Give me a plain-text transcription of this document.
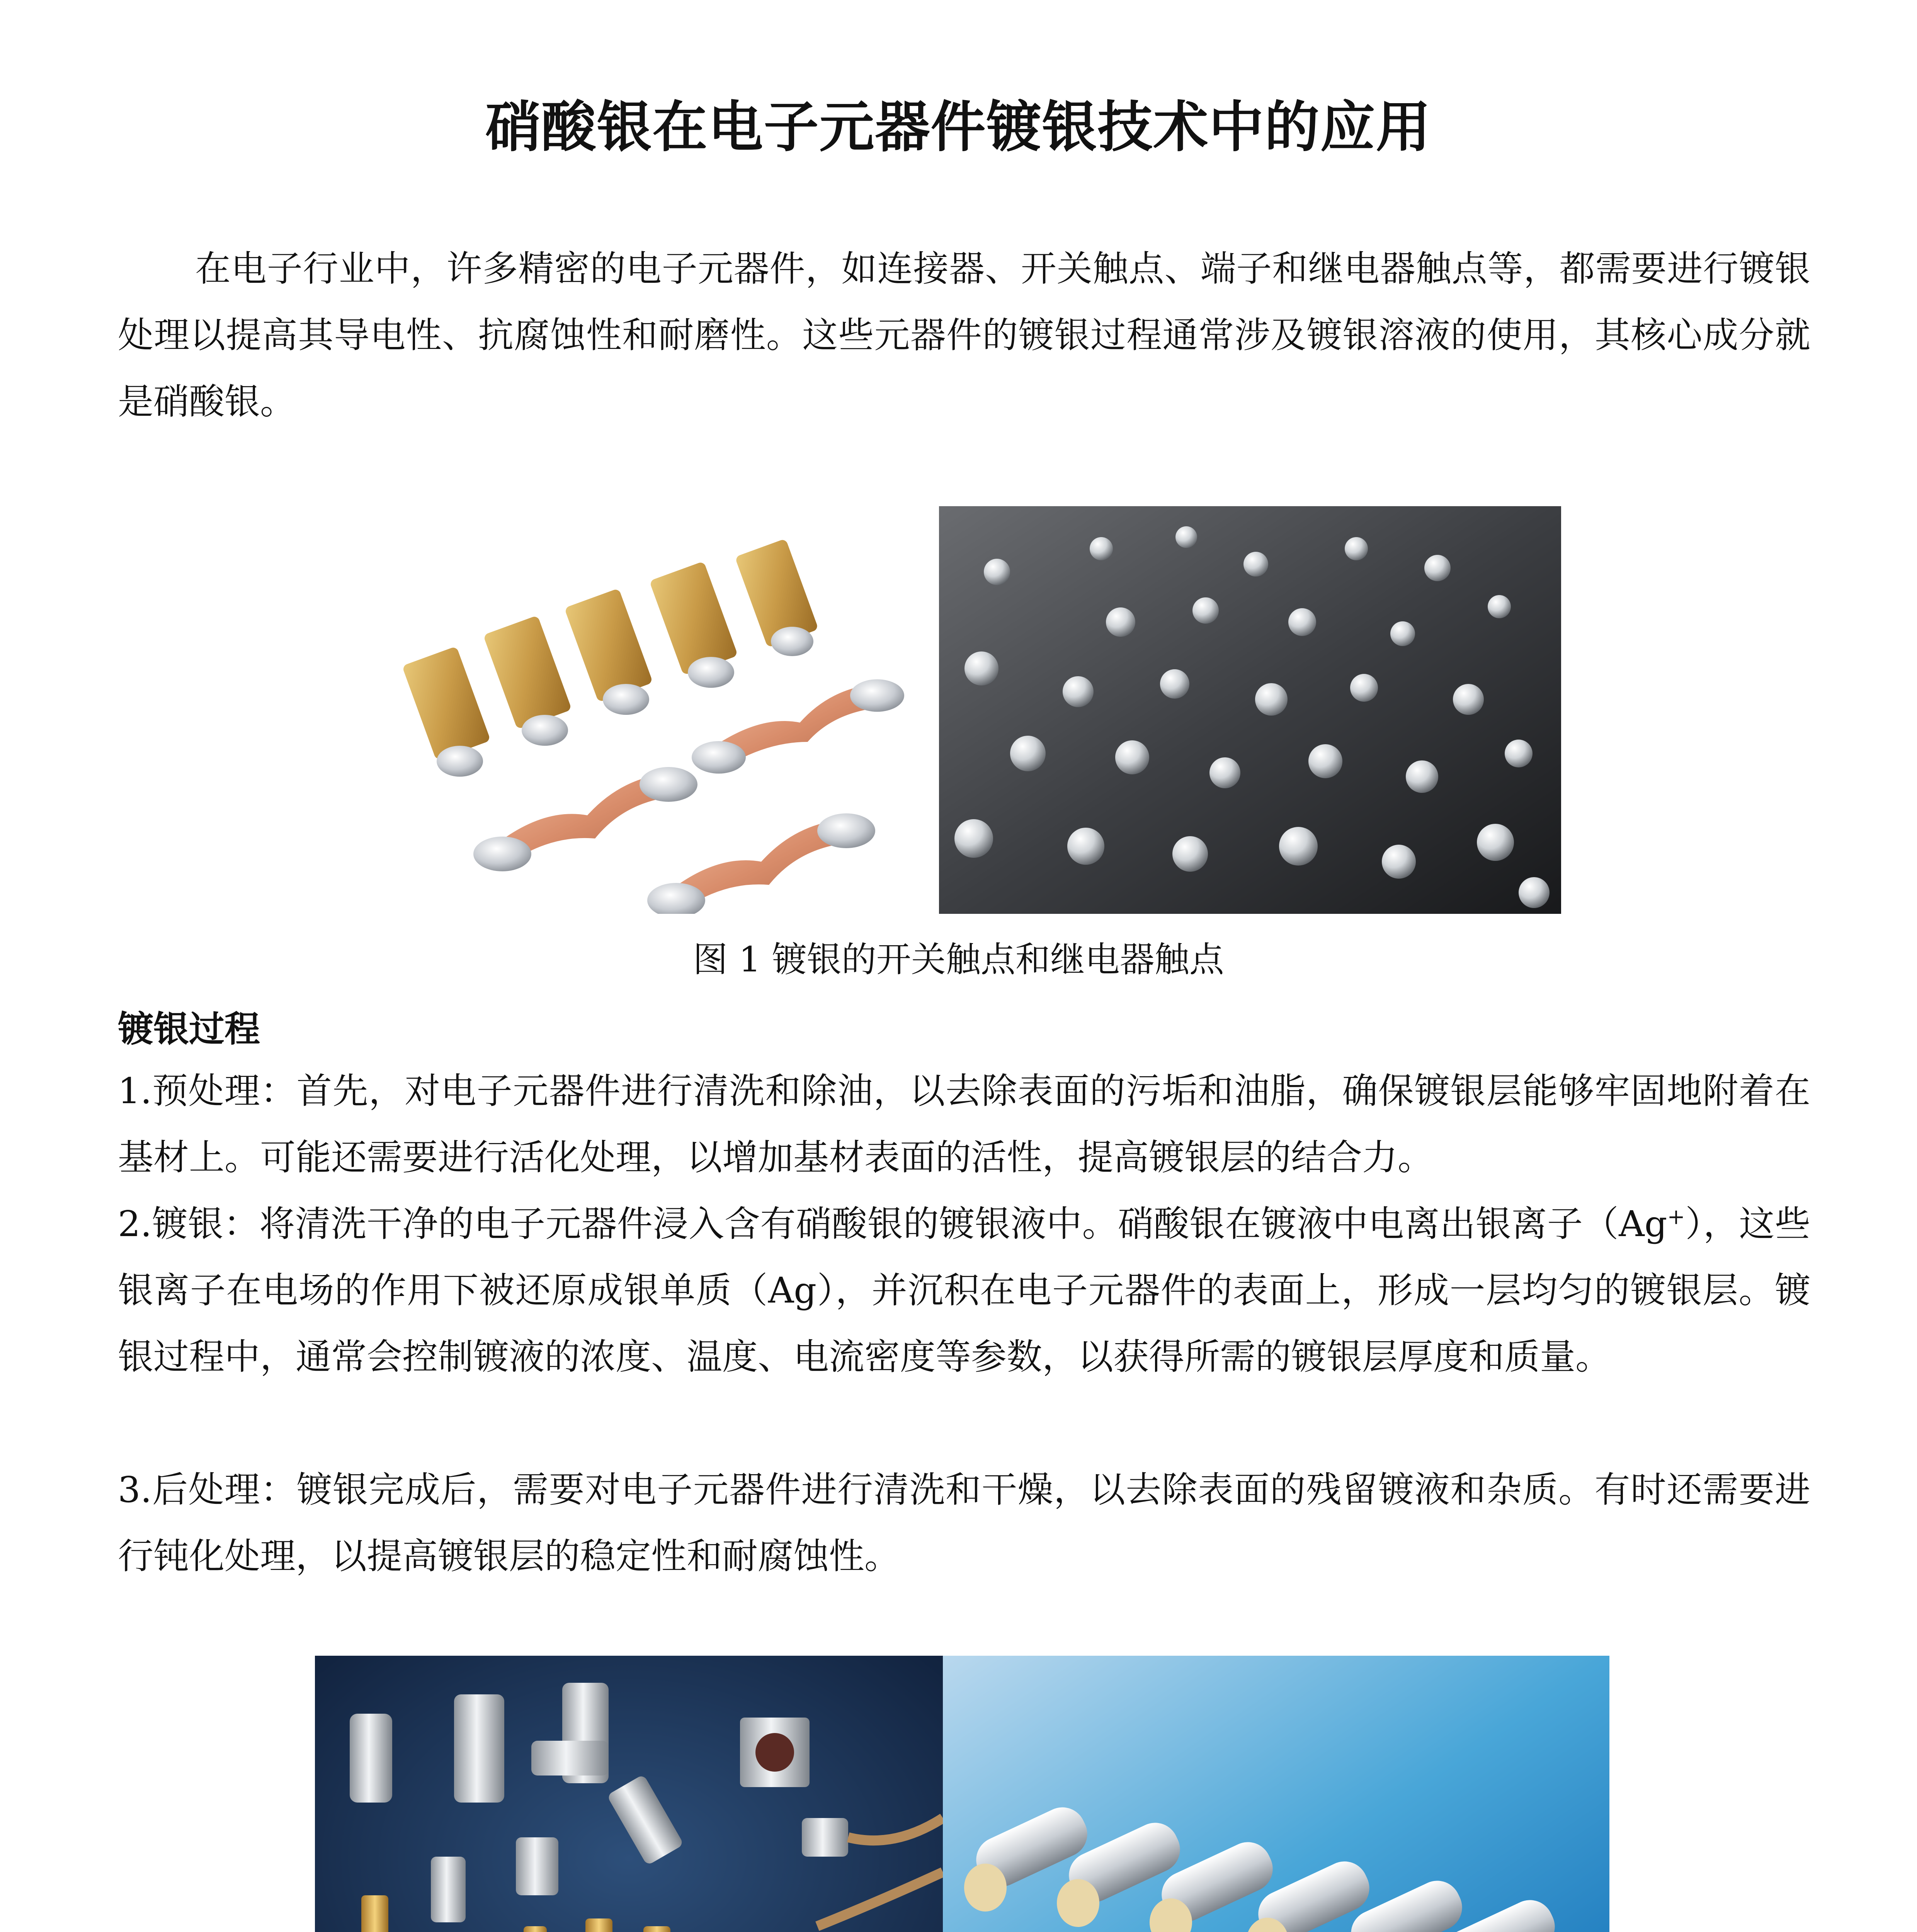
硝酸银在电子元器件镀银技术中的应用

在电子行业中，许多精密的电子元器件，如连接器、开关触点、端子和继电器触点等，都需要进行镀银处理以提高其导电性、抗腐蚀性和耐磨性。这些元器件的镀银过程通常涉及镀银溶液的使用，其核心成分就是硝酸银。

图 1 镀银的开关触点和继电器触点
镀银过程

1.预处理：首先，对电子元器件进行清洗和除油，以去除表面的污垢和油脂，确保镀银层能够牢固地附着在基材上。可能还需要进行活化处理，以增加基材表面的活性，提高镀银层的结合力。

2.镀银：将清洗干净的电子元器件浸入含有硝酸银的镀银液中。硝酸银在镀液中电离出银离子（Ag+），这些银离子在电场的作用下被还原成银单质（Ag），并沉积在电子元器件的表面上，形成一层均匀的镀银层。镀银过程中，通常会控制镀液的浓度、温度、电流密度等参数，以获得所需的镀银层厚度和质量。

3.后处理：镀银完成后，需要对电子元器件进行清洗和干燥，以去除表面的残留镀液和杂质。有时还需要进行钝化处理，以提高镀银层的稳定性和耐腐蚀性。
